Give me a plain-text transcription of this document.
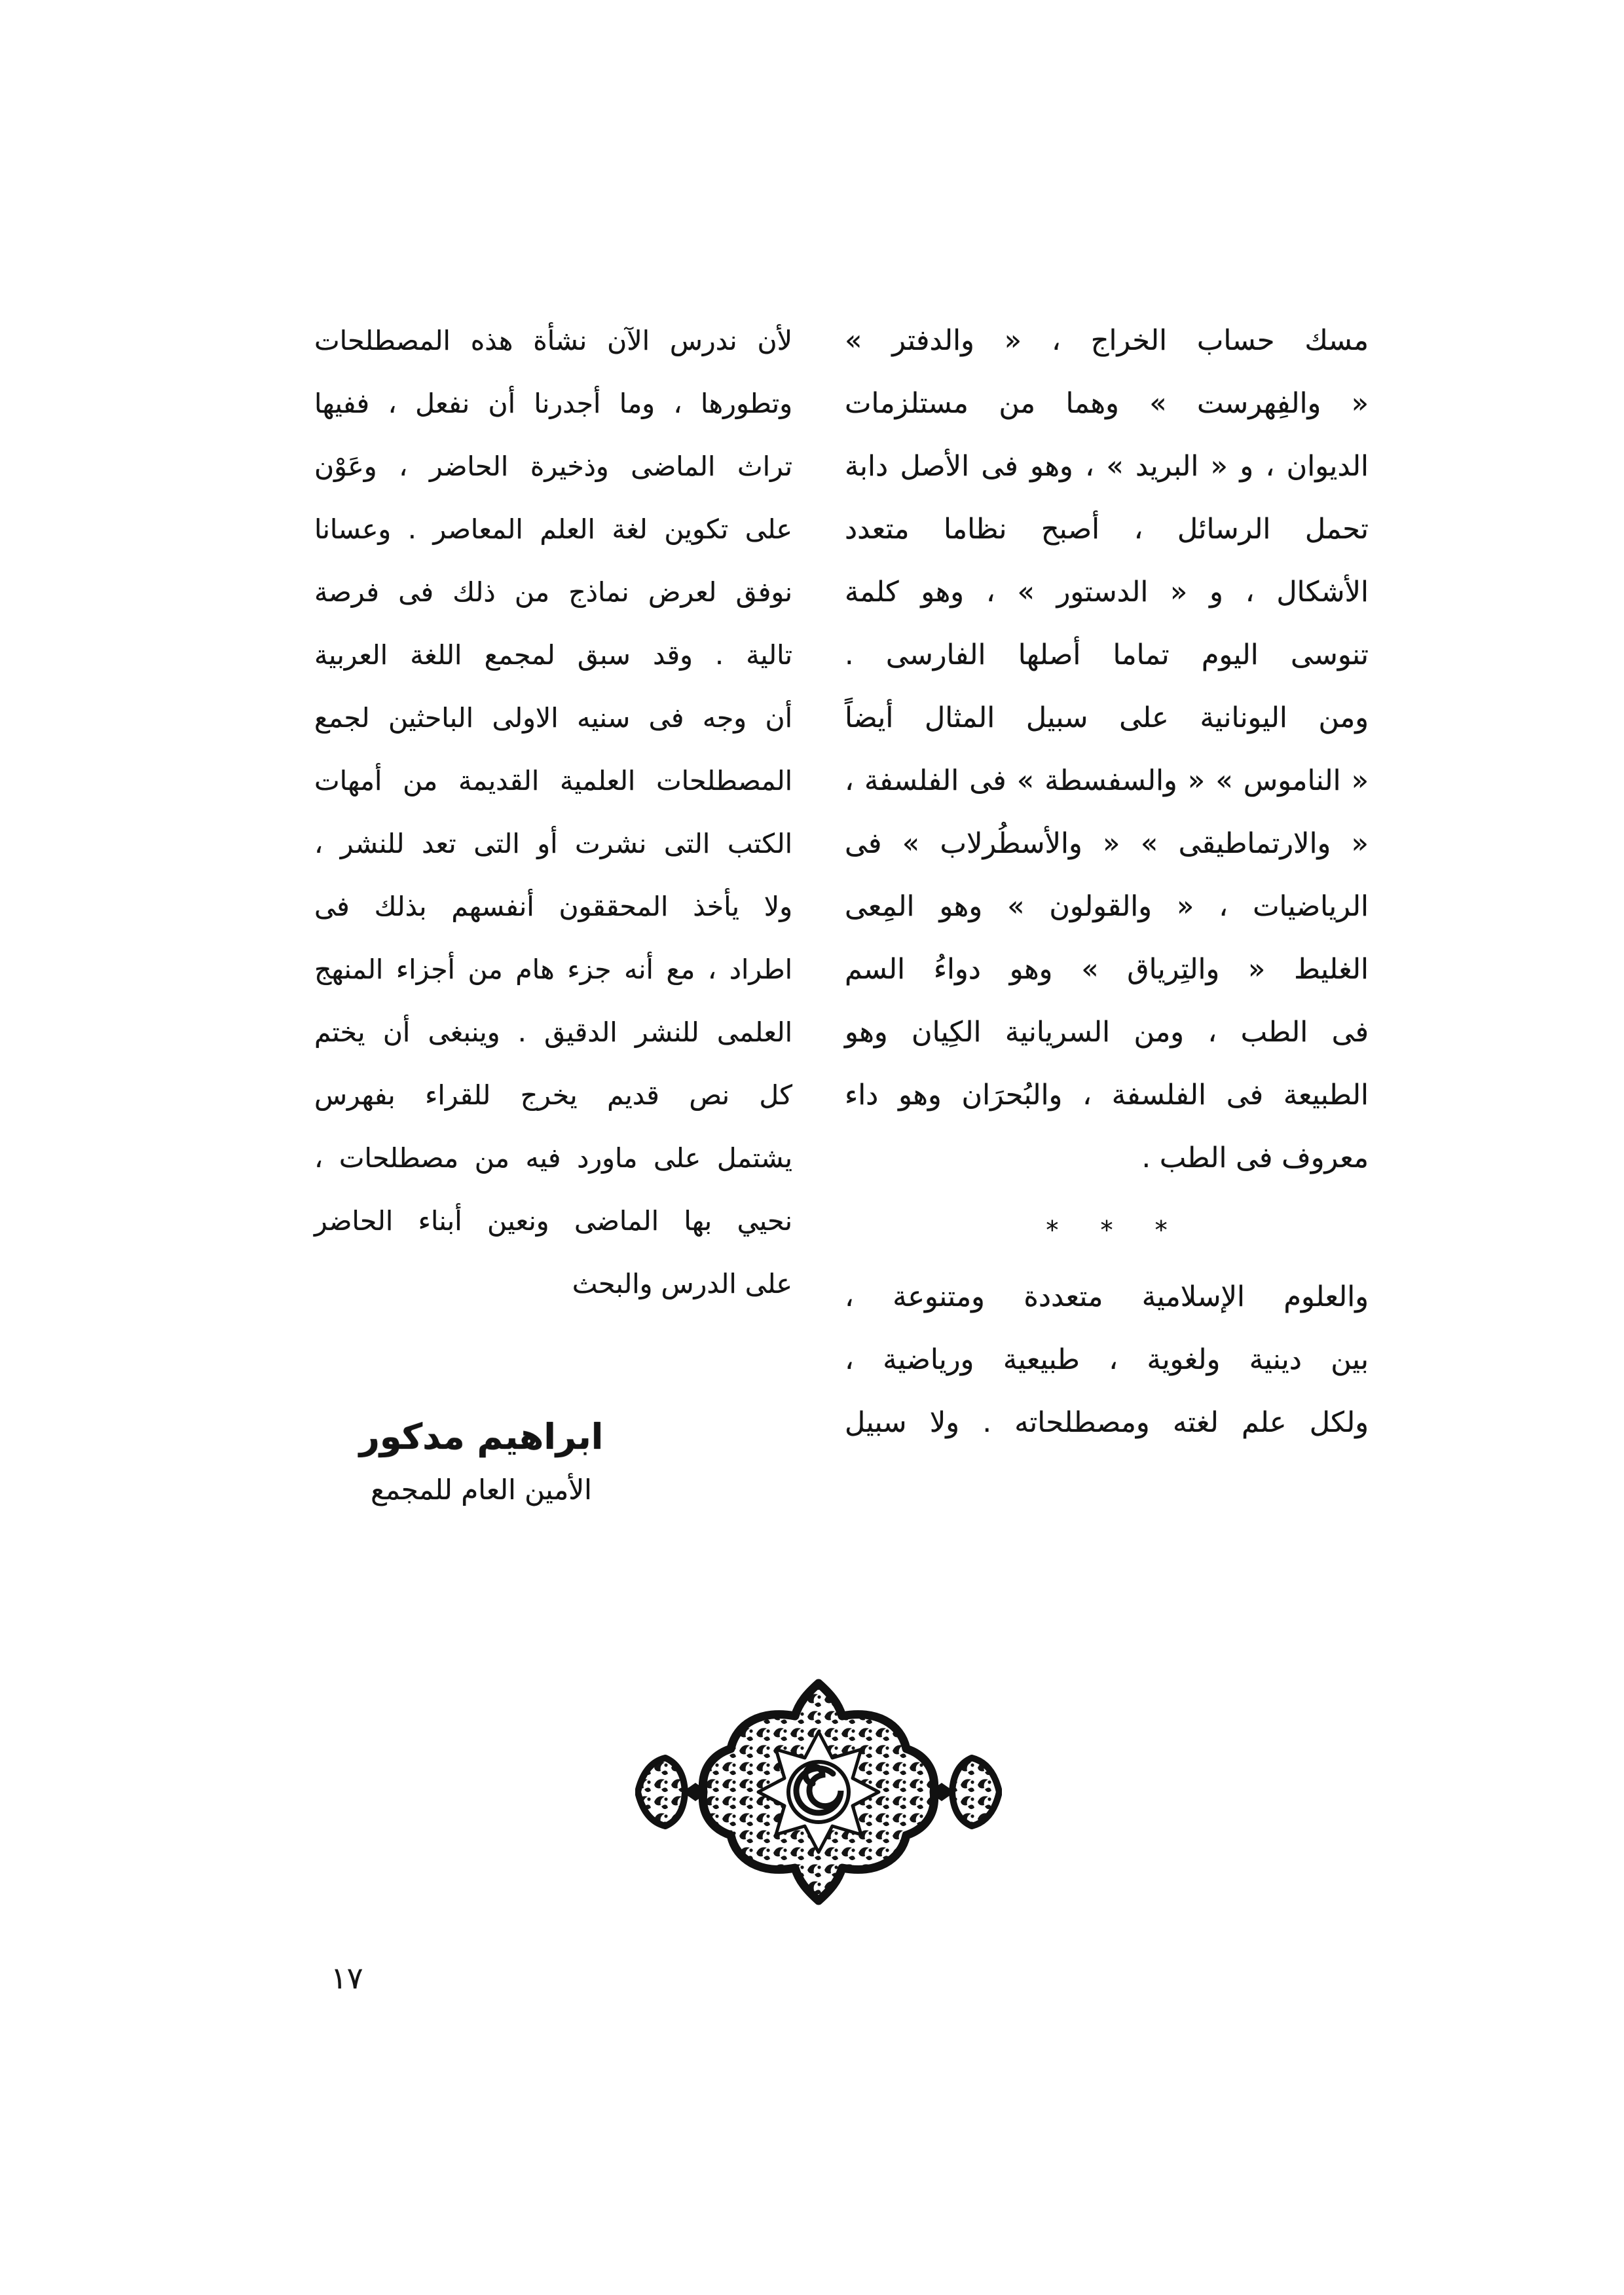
مسك حساب الخراج ، « والدفتر »
« والفِهرست » وهما من مستلزمات
الديوان ، و « البريد » ، وهو فى الأصل دابة
تحمل الرسائل ، أصبح نظاما متعدد
الأشكال ، و « الدستور » ، وهو كلمة
تنوسى اليوم تماما أصلها الفارسى .
ومن اليونانية على سبيل المثال أيضاً
« الناموس » « والسفسطة » فى الفلسفة ،
« والارتماطيقى » « والأسطُرلاب » فى
الرياضيات ، « والقولون » وهو المِعى
الغليط « والتِرياق » وهو دواءُ السم
فى الطب ، ومن السريانية الكِيان وهو
الطبيعة فى الفلسفة ، والبُحرَان وهو داء
معروف فى الطب .
* * *
والعلوم الإسلامية متعددة ومتنوعة ،
بين دينية ولغوية ، طبيعية ورياضية ،
ولكل علم لغته ومصطلحاته . ولا سبيل
لأن ندرس الآن نشأة هذه المصطلحات
وتطورها ، وما أجدرنا أن نفعل ، ففيها
تراث الماضى وذخيرة الحاضر ، وعَوْن
على تكوين لغة العلم المعاصر . وعسانا
نوفق لعرض نماذج من ذلك فى فرصة
تالية . وقد سبق لمجمع اللغة العربية
أن وجه فى سنيه الاولى الباحثين لجمع
المصطلحات العلمية القديمة من أمهات
الكتب التى نشرت أو التى تعد للنشر ،
ولا يأخذ المحققون أنفسهم بذلك فى
اطراد ، مع أنه جزء هام من أجزاء المنهج
العلمى للنشر الدقيق . وينبغى أن يختم
كل نص قديم يخرج للقراء بفهرس
يشتمل على ماورد فيه من مصطلحات ،
نحيي بها الماضى ونعين أبناء الحاضر
على الدرس والبحث
ابراهيم مدكور
الأمين العام للمجمع
١٧
